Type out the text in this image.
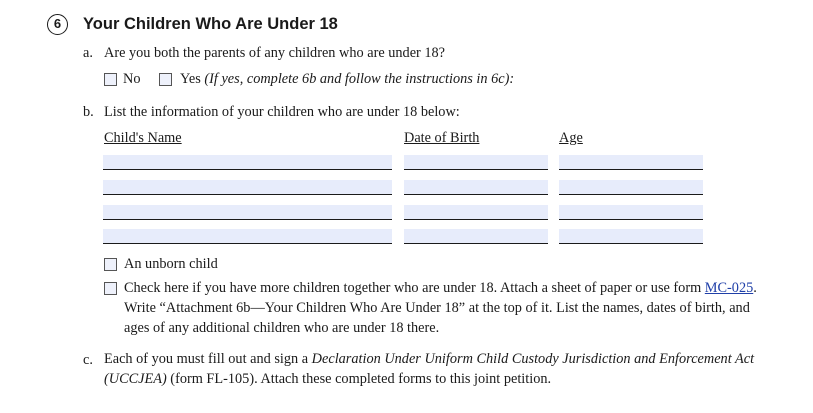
6	Your Children Who Are Under 18
a. Are you both the parents of any children who are under 18?
No	Yes (If yes, complete 6b and follow the instructions in 6c):
b. List the information of your children who are under 18 below:
Child's Name	Date of Birth	Age
An unborn child
Check here if you have more children together who are under 18. Attach a sheet of paper or use form MC-025. Write “Attachment 6b—Your Children Who Are Under 18” at the top of it. List the names, dates of birth, and ages of any additional children who are under 18 there.
c. Each of you must fill out and sign a Declaration Under Uniform Child Custody Jurisdiction and Enforcement Act (UCCJEA) (form FL-105). Attach these completed forms to this joint petition.
